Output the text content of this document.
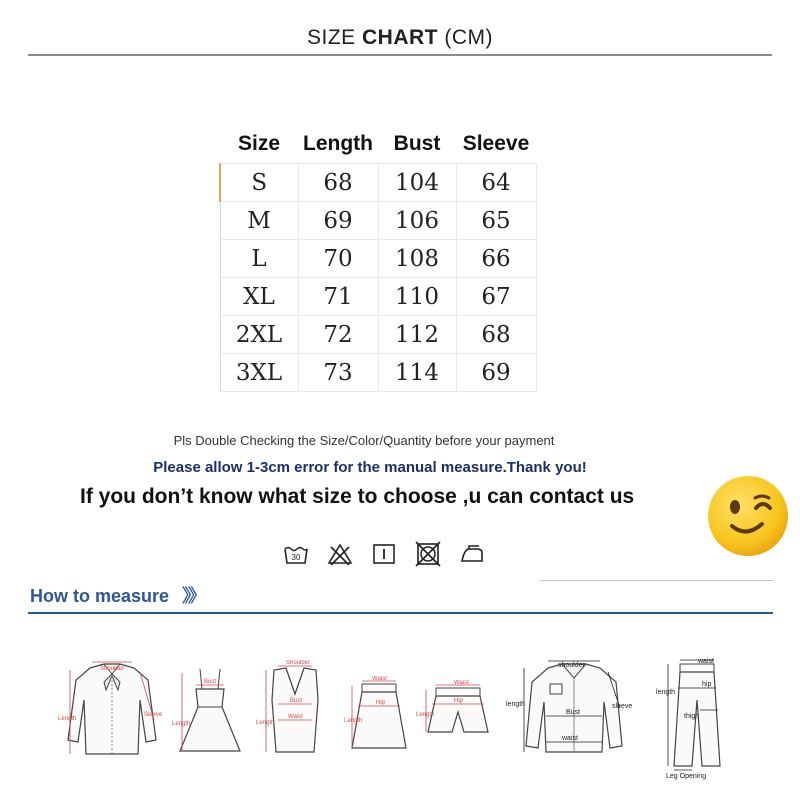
SIZE CHART (CM)
Size	Length	Bust	Sleeve
S	68	104	64
M	69	106	65
L	70	108	66
XL	71	110	67
2XL	72	112	68
3XL	73	114	69
Pls Double Checking the Size/Color/Quantity before your payment
Please allow 1-3cm error for the manual measure.Thank you!
If you don’t know what size to choose ,u can contact us
30
How to measure 》》
Shoulder
Length
Sleeve
Bust
Length
Shoulder
Bust
Waist
Length
Waist
Hip
Length
Waist
Hip
Length
shoulder
Bust
waist
length	sleeve
waist
hip
thigh
length
Leg Opening
